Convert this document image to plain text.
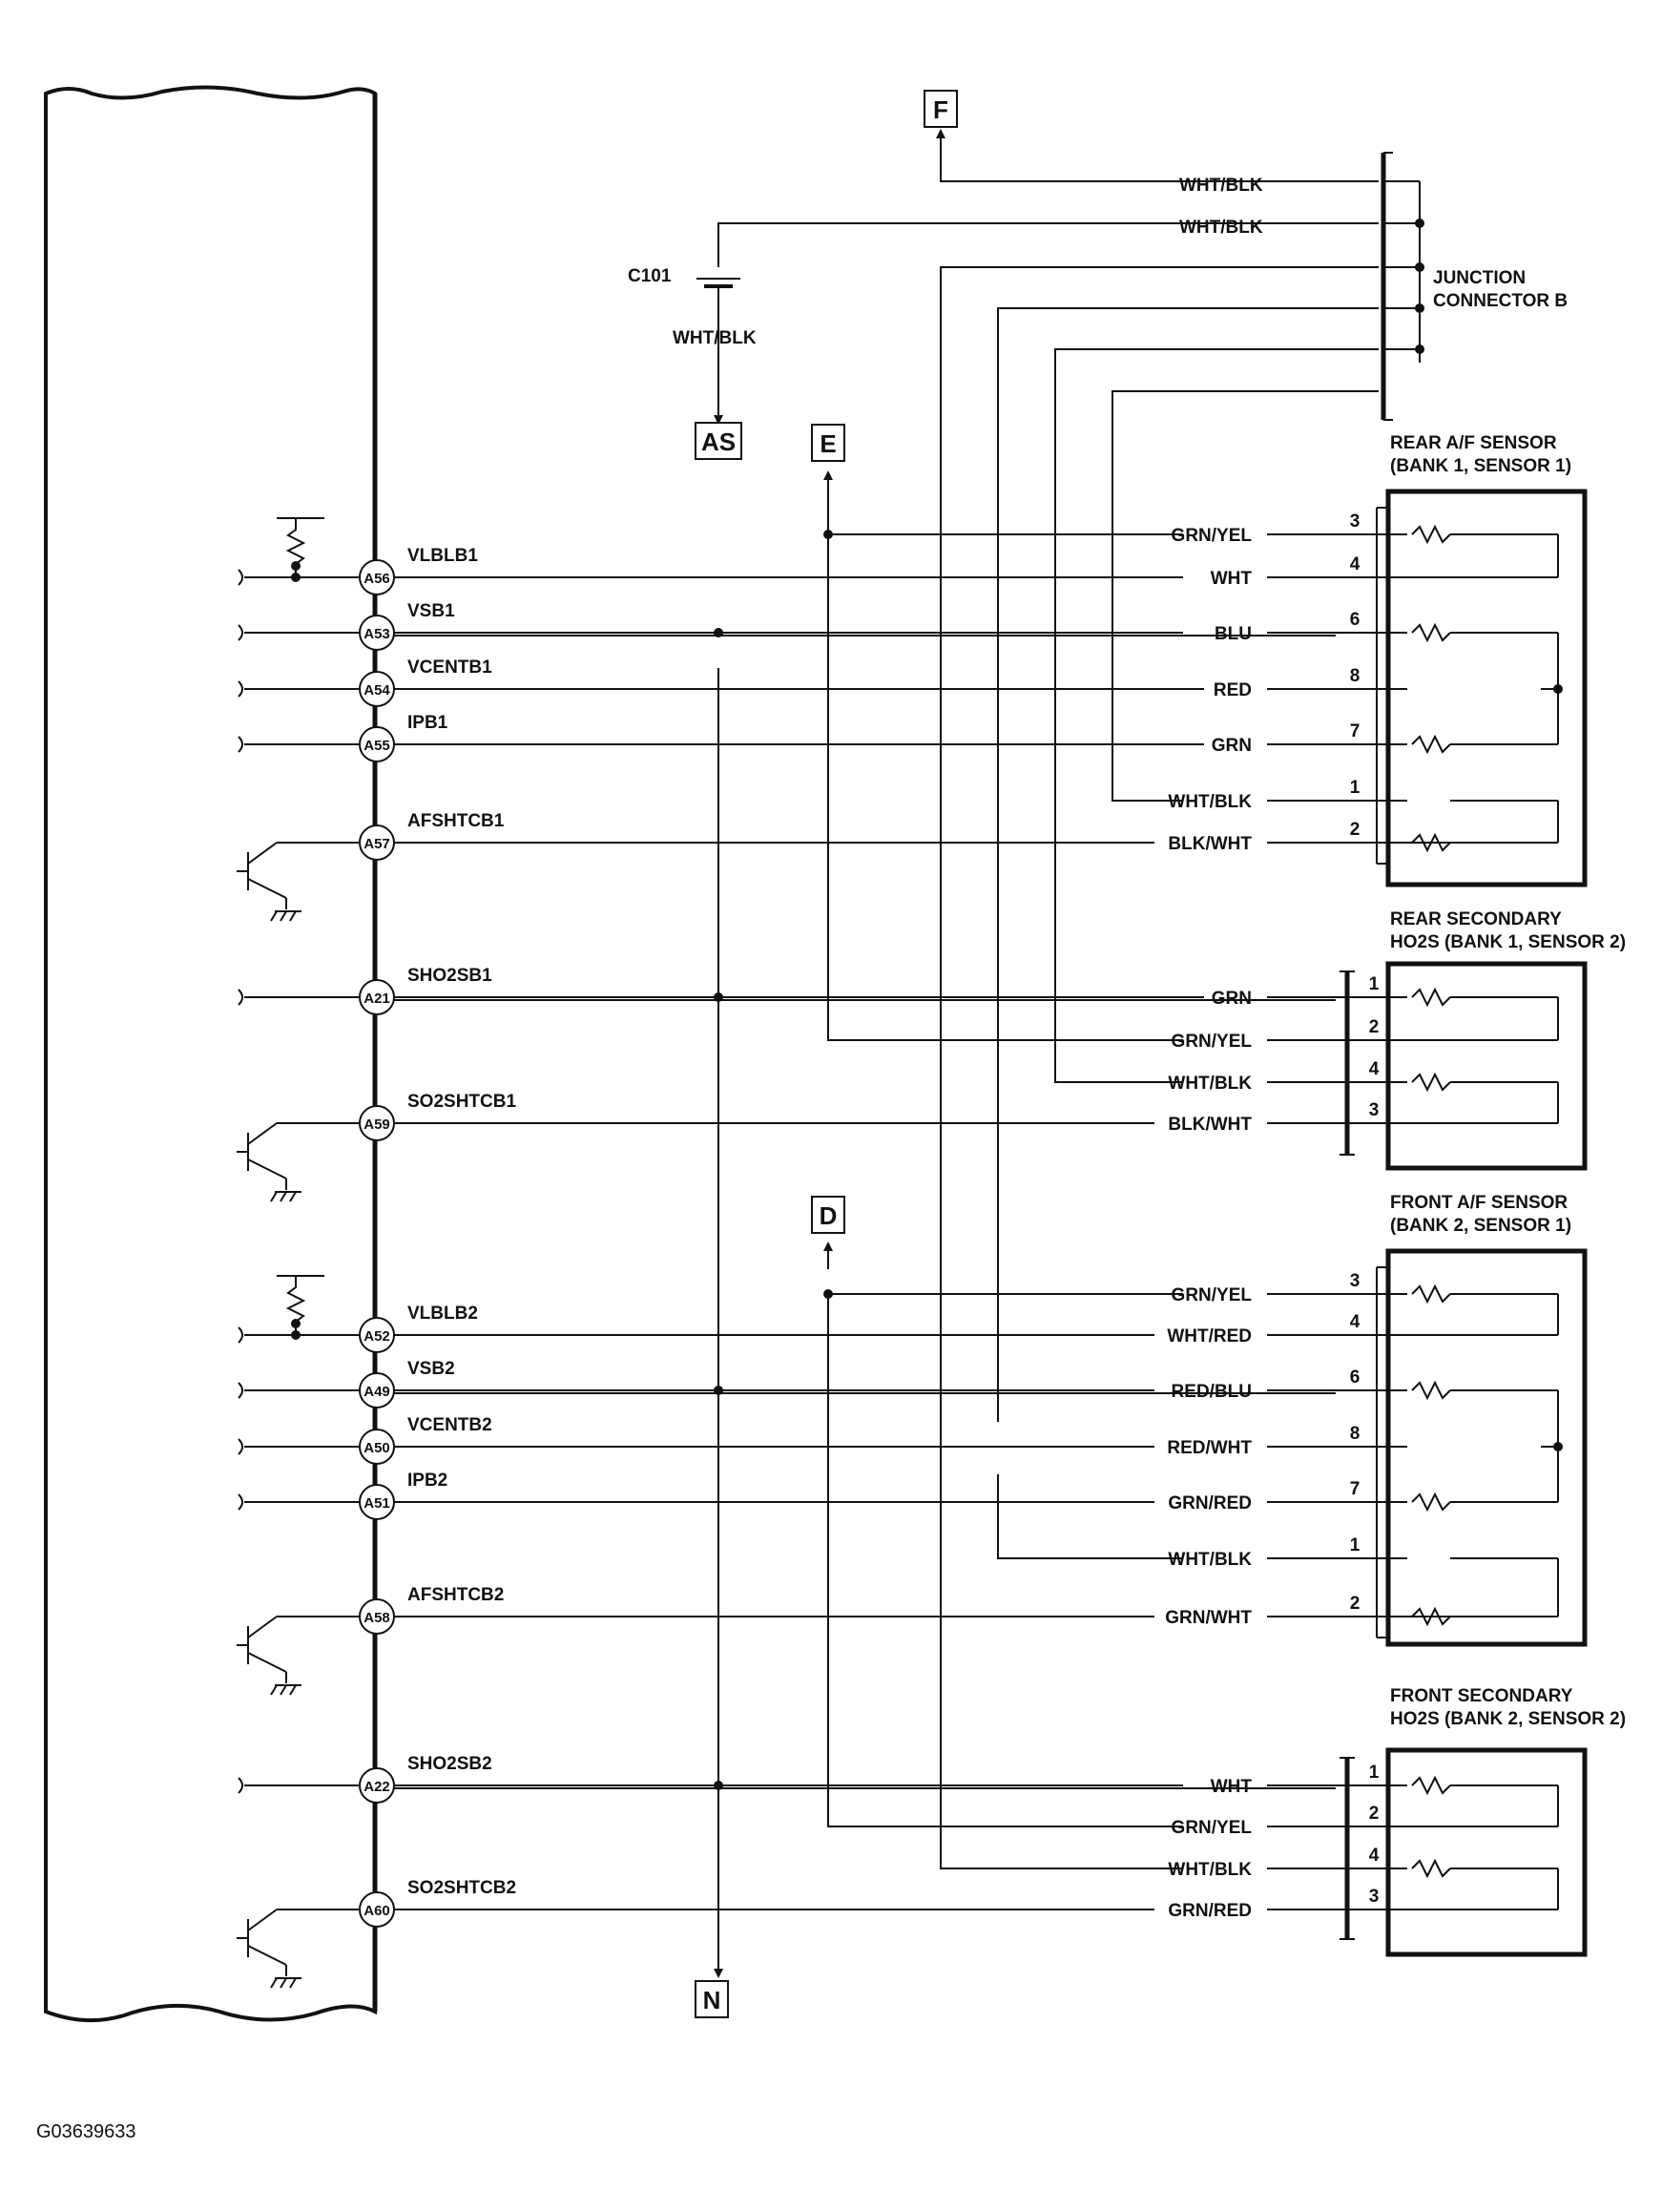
A56
A53
A54
A55
A57
A21
A59
A52
A49
A50
A51
A58
A22
A60
VLBLB1
VSB1
VCENTB1
IPB1
AFSHTCB1
SHO2SB1
SO2SHTCB1
VLBLB2
VSB2
VCENTB2
IPB2
AFSHTCB2
SHO2SB2
SO2SHTCB2
REAR A/F SENSOR
(BANK 1, SENSOR 1)
GRN/YEL
3
WHT
4
BLU
6
RED
8
GRN
7
WHT/BLK
1
BLK/WHT
2
REAR SECONDARY
HO2S (BANK 1, SENSOR 2)
GRN
1
GRN/YEL
2
WHT/BLK
4
BLK/WHT
3
FRONT A/F SENSOR
(BANK 2, SENSOR 1)
GRN/YEL
3
WHT/RED
4
RED/BLU
6
RED/WHT
8
GRN/RED
7
WHT/BLK
1
GRN/WHT
2
FRONT SECONDARY
HO2S (BANK 2, SENSOR 2)
WHT
1
GRN/YEL
2
WHT/BLK
4
GRN/RED
3
F
AS	E
D
N
C101
WHT/BLK
JUNCTION
CONNECTOR B
WHT/BLK
WHT/BLK
G03639633
